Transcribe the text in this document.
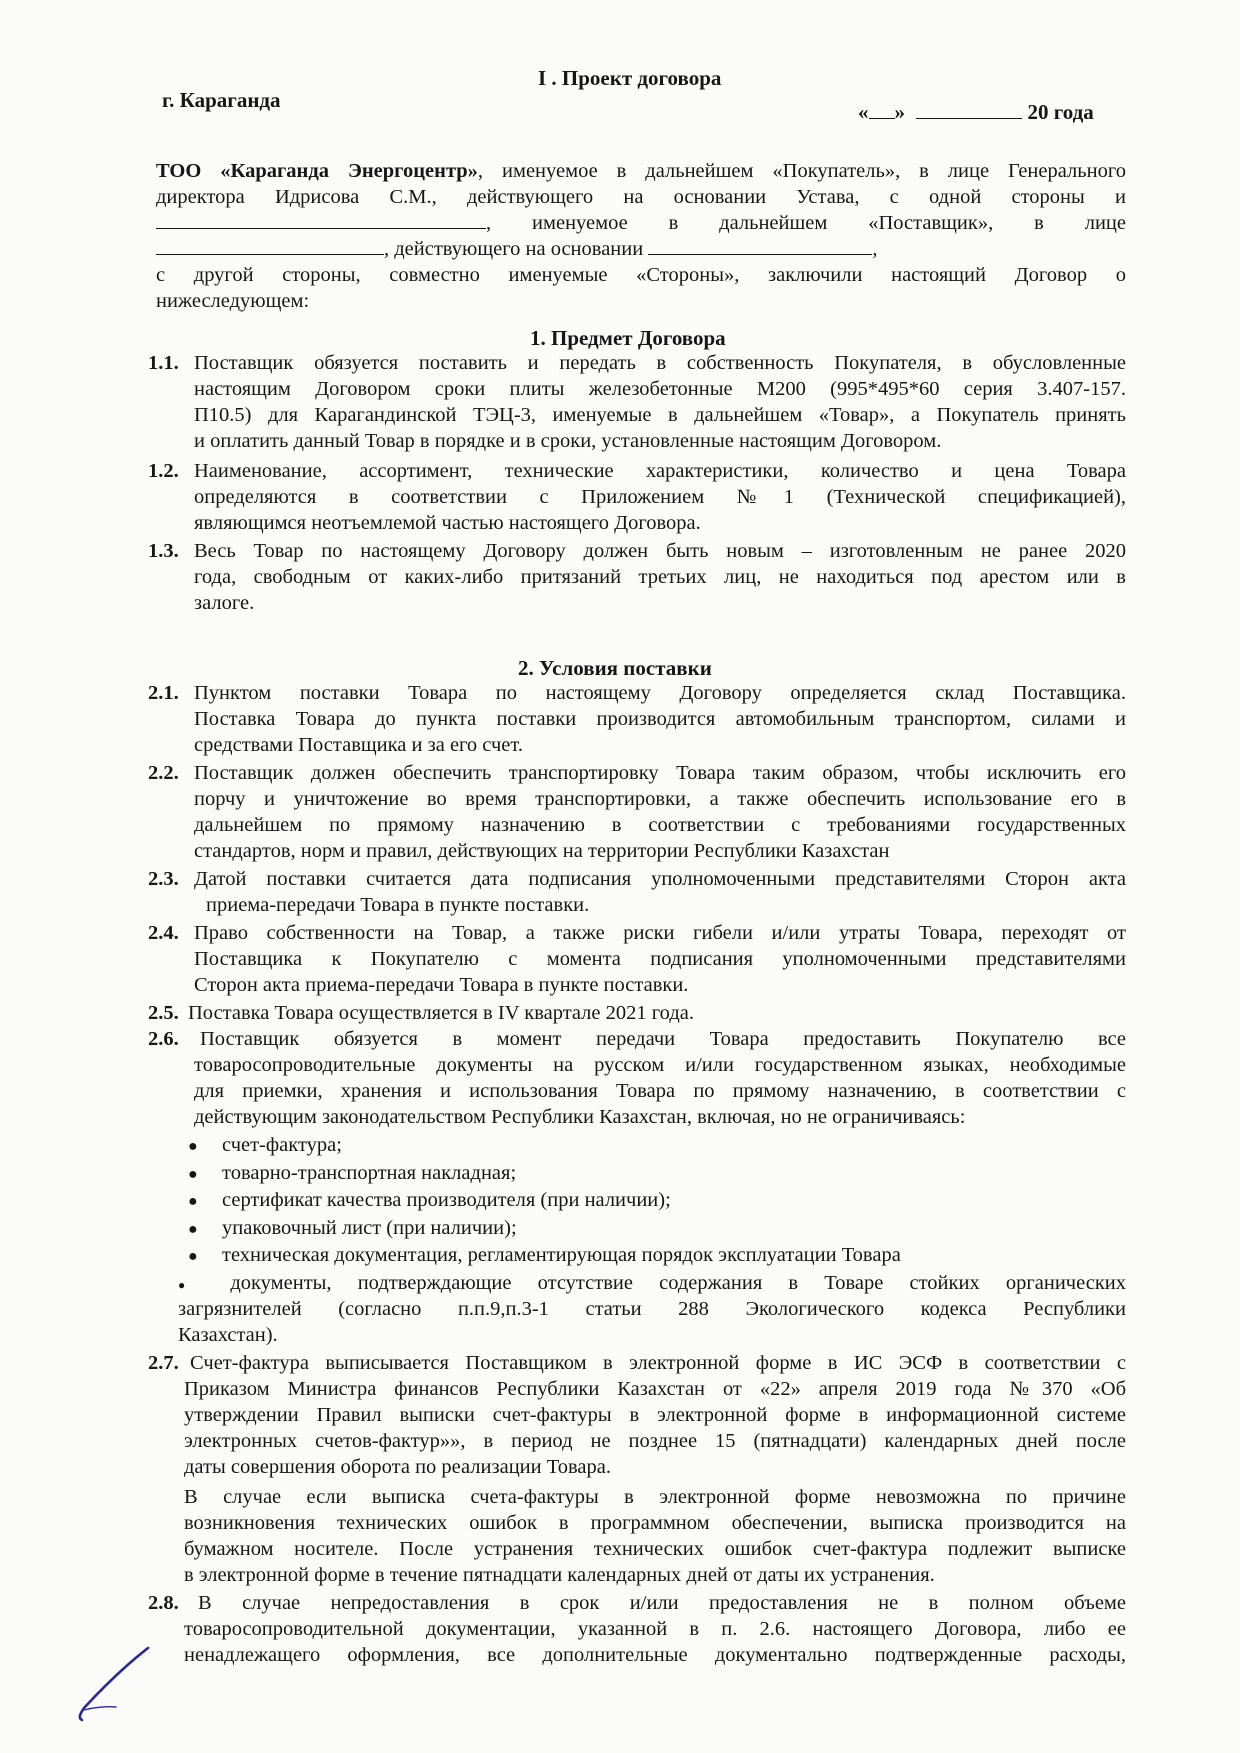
I . Проект договора
г. Караганда	« »	20 года
ТОО «Караганда Энергоцентр», именуемое в дальнейшем «Покупатель», в лице Генерального
директора Идрисова С.М., действующего на основании Устава, с одной стороны и
, именуемое в дальнейшем «Поставщик», в лице
, действующего на основании	,
с другой стороны, совместно именуемые «Стороны», заключили настоящий Договор о
нижеследующем:
1. Предмет Договора
1.1. Поставщик обязуется поставить и передать в собственность Покупателя, в обусловленные
настоящим Договором сроки плиты железобетонные М200 (995*495*60 серия 3.407-157.
П10.5) для Карагандинской ТЭЦ-3, именуемые в дальнейшем «Товар», а Покупатель принять
и оплатить данный Товар в порядке и в сроки, установленные настоящим Договором.
1.2. Наименование, ассортимент, технические характеристики, количество и цена Товара
определяются в соответствии с Приложением №1 (Технической спецификацией),
являющимся неотъемлемой частью настоящего Договора.
1.3. Весь Товар по настоящему Договору должен быть новым – изготовленным не ранее 2020
года, свободным от каких-либо притязаний третьих лиц, не находиться под арестом или в
залоге.
2. Условия поставки
2.1. Пунктом поставки Товара по настоящему Договору определяется склад Поставщика.
Поставка Товара до пункта поставки производится автомобильным транспортом, силами и
средствами Поставщика и за его счет.
2.2. Поставщик должен обеспечить транспортировку Товара таким образом, чтобы исключить его
порчу и уничтожение во время транспортировки, а также обеспечить использование его в
дальнейшем по прямому назначению в соответствии с требованиями государственных
стандартов, норм и правил, действующих на территории Республики Казахстан
2.3. Датой поставки считается дата подписания уполномоченными представителями Сторон акта
приема-передачи Товара в пункте поставки.
2.4. Право собственности на Товар, а также риски гибели и/или утраты Товара, переходят от
Поставщика к Покупателю с момента подписания уполномоченными представителями
Сторон акта приема-передачи Товара в пункте поставки.
2.5. Поставка Товара осуществляется в IV квартале 2021 года.
2.6. Поставщик обязуется в момент передачи Товара предоставить Покупателю все
товаросопроводительные документы на русском и/или государственном языках, необходимые
для приемки, хранения и использования Товара по прямому назначению, в соответствии с
действующим законодательством Республики Казахстан, включая, но не ограничиваясь:
● счет-фактура;
● товарно-транспортная накладная;
● сертификат качества производителя (при наличии);
● упаковочный лист (при наличии);
● техническая документация, регламентирующая порядок эксплуатации Товара
● документы, подтверждающие отсутствие содержания в Товаре стойких органических
загрязнителей (согласно п.п.9,п.3-1 статьи 288 Экологического кодекса Республики
Казахстан).
2.7. Счет-фактура выписывается Поставщиком в электронной форме в ИС ЭСФ в соответствии с
Приказом Министра финансов Республики Казахстан от «22» апреля 2019 года №370 «Об
утверждении Правил выписки счет-фактуры в электронной форме в информационной системе
электронных счетов-фактур»», в период не позднее 15 (пятнадцати) календарных дней после
даты совершения оборота по реализации Товара.
В случае если выписка счета-фактуры в электронной форме невозможна по причине
возникновения технических ошибок в программном обеспечении, выписка производится на
бумажном носителе. После устранения технических ошибок счет-фактура подлежит выписке
в электронной форме в течение пятнадцати календарных дней от даты их устранения.
2.8. В случае непредоставления в срок и/или предоставления не в полном объеме
товаросопроводительной документации, указанной в п. 2.6. настоящего Договора, либо ее
ненадлежащего оформления, все дополнительные документально подтвержденные расходы,
